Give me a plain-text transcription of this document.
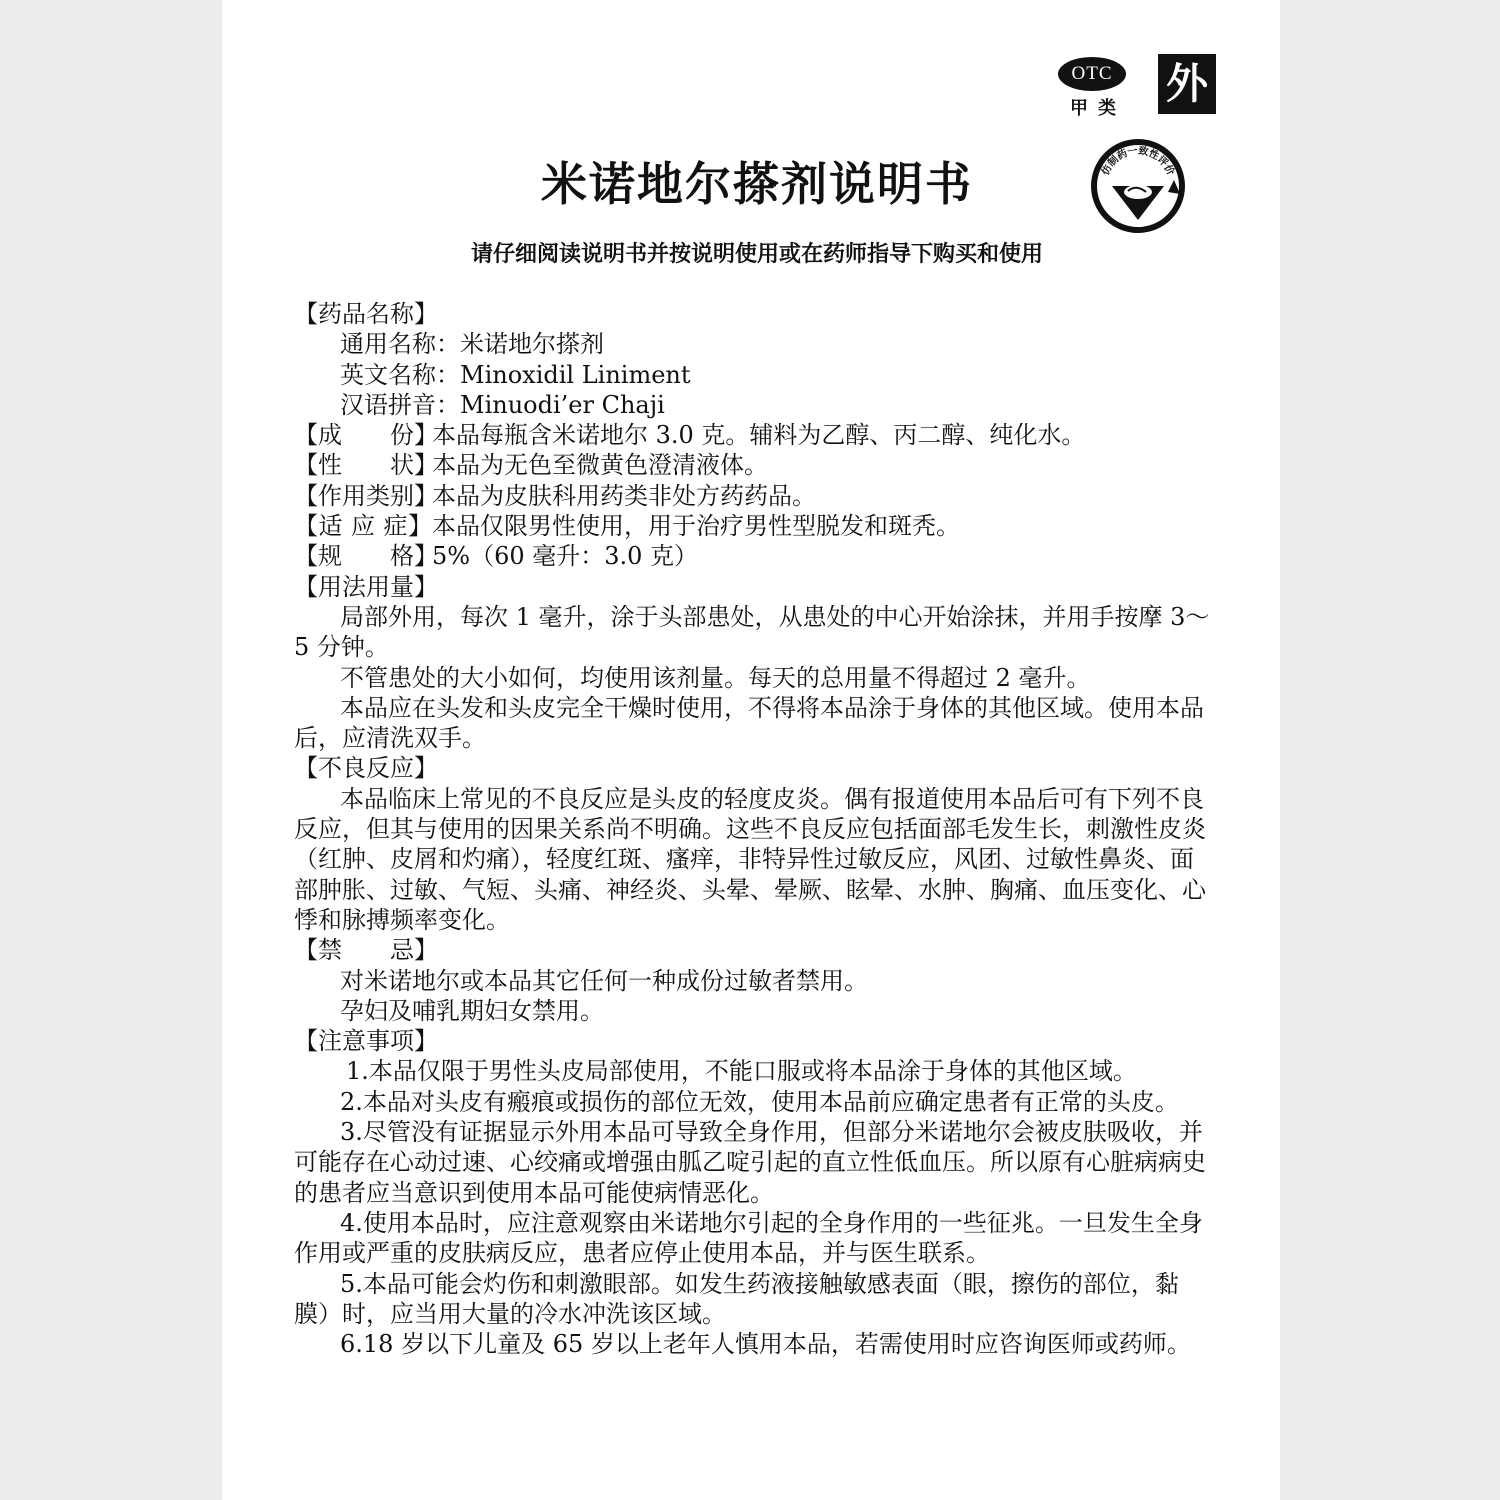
OTC
甲类
外
仿制药一致性评价
米诺地尔搽剂说明书

请仔细阅读说明书并按说明使用或在药师指导下购买和使用

【药品名称】

通用名称：米诺地尔搽剂

英文名称：Minoxidil Liniment

汉语拼音：Minuodi’er Chaji

【成　　份】本品每瓶含米诺地尔 3.0 克。辅料为乙醇、丙二醇、纯化水。

【性　　状】本品为无色至微黄色澄清液体。

【作用类别】本品为皮肤科用药类非处方药药品。

【适 应 症】本品仅限男性使用，用于治疗男性型脱发和斑秃。

【规　　格】5%（60 毫升：3.0 克）

【用法用量】

局部外用，每次 1 毫升，涂于头部患处，从患处的中心开始涂抹，并用手按摩 3～5 分钟。

不管患处的大小如何，均使用该剂量。每天的总用量不得超过 2 毫升。

本品应在头发和头皮完全干燥时使用，不得将本品涂于身体的其他区域。使用本品后，应清洗双手。

【不良反应】

本品临床上常见的不良反应是头皮的轻度皮炎。偶有报道使用本品后可有下列不良反应，但其与使用的因果关系尚不明确。这些不良反应包括面部毛发生长，刺激性皮炎（红肿、皮屑和灼痛），轻度红斑、瘙痒，非特异性过敏反应，风团、过敏性鼻炎、面部肿胀、过敏、气短、头痛、神经炎、头晕、晕厥、眩晕、水肿、胸痛、血压变化、心悸和脉搏频率变化。

【禁　　忌】

对米诺地尔或本品其它任何一种成份过敏者禁用。

孕妇及哺乳期妇女禁用。

【注意事项】

1.本品仅限于男性头皮局部使用，不能口服或将本品涂于身体的其他区域。

2.本品对头皮有瘢痕或损伤的部位无效，使用本品前应确定患者有正常的头皮。

3.尽管没有证据显示外用本品可导致全身作用，但部分米诺地尔会被皮肤吸收，并可能存在心动过速、心绞痛或增强由胍乙啶引起的直立性低血压。所以原有心脏病病史的患者应当意识到使用本品可能使病情恶化。

4.使用本品时，应注意观察由米诺地尔引起的全身作用的一些征兆。一旦发生全身作用或严重的皮肤病反应，患者应停止使用本品，并与医生联系。

5.本品可能会灼伤和刺激眼部。如发生药液接触敏感表面（眼，擦伤的部位，黏膜）时，应当用大量的冷水冲洗该区域。

6.18 岁以下儿童及 65 岁以上老年人慎用本品，若需使用时应咨询医师或药师。
